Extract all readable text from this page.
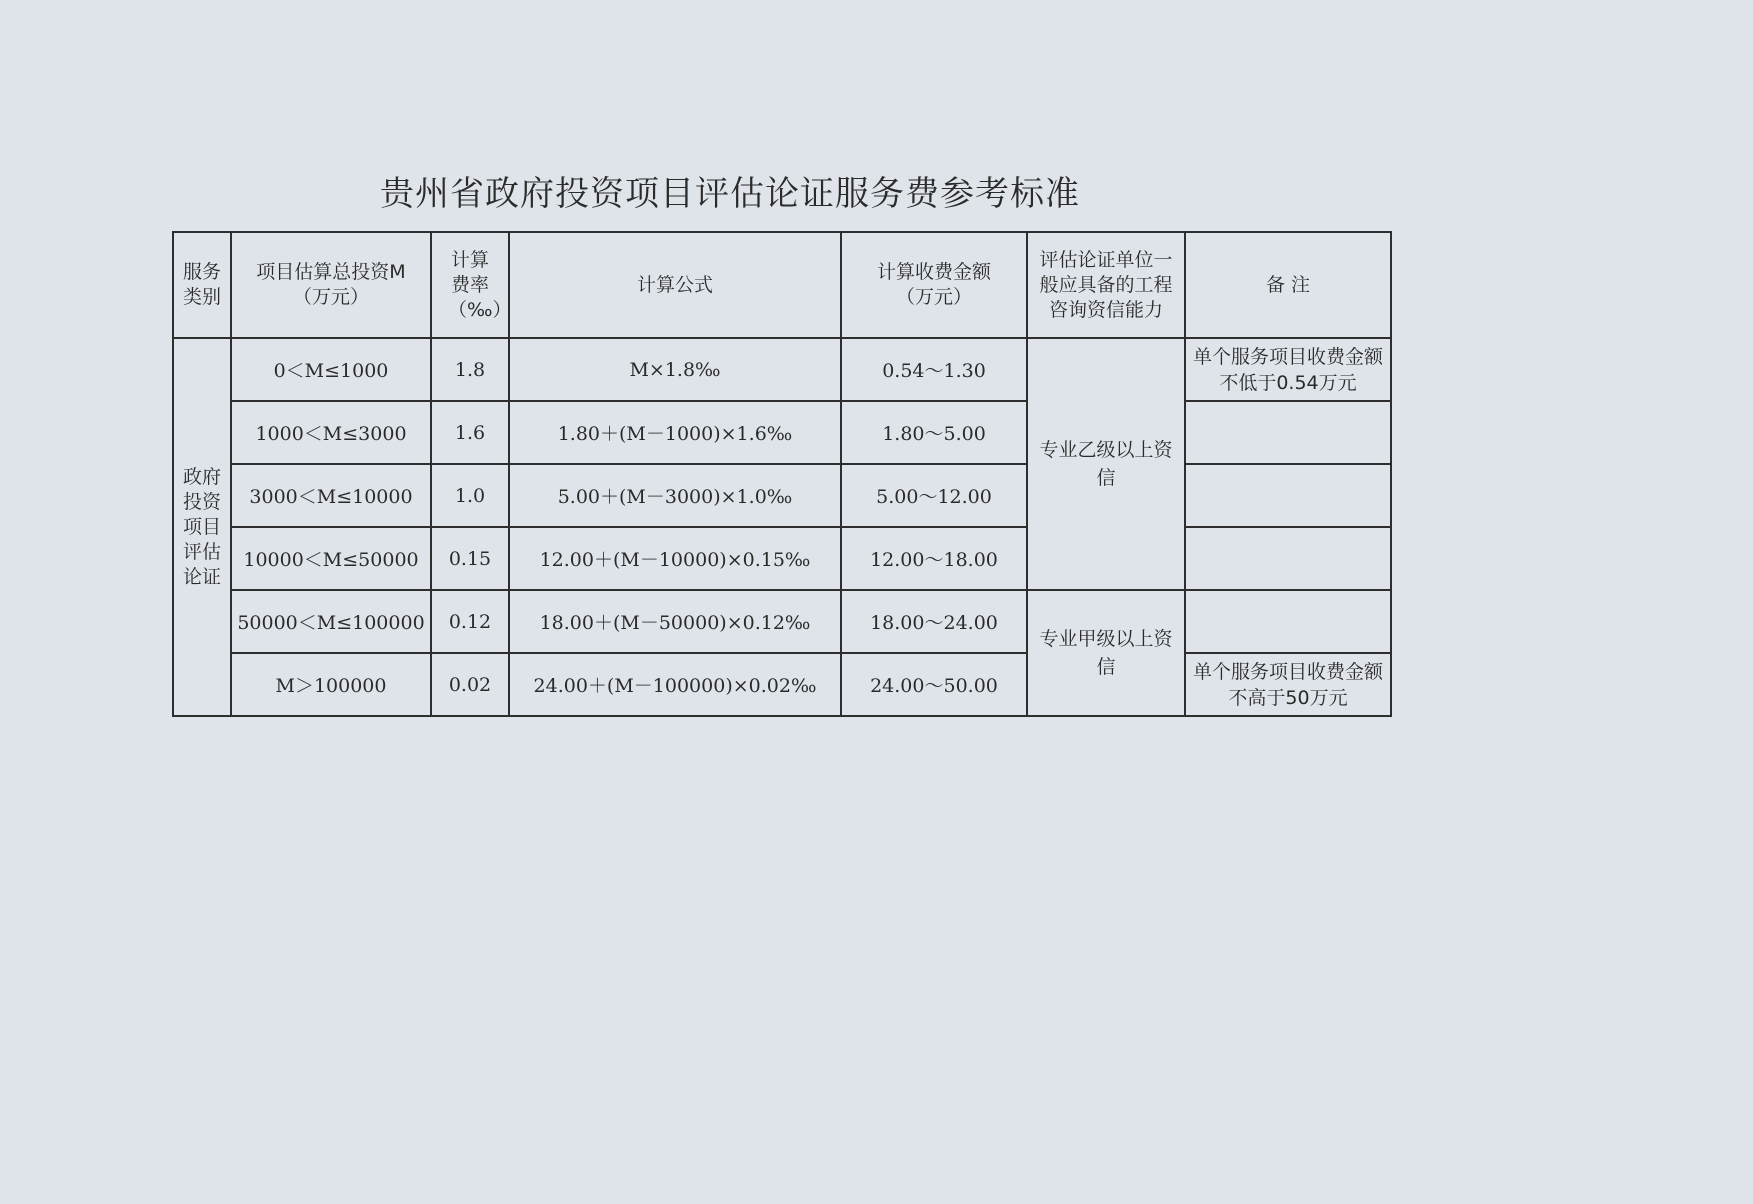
贵州省政府投资项目评估论证服务费参考标准
服务类别	项目估算总投资M（万元）	计算费率（‰）	计算公式	计算收费金额（万元）	评估论证单位一般应具备的工程咨询资信能力	备 注
政府投资项目评估论证	0＜M≤1000	1.8	M×1.8‰	0.54～1.30	专业乙级以上资信	单个服务项目收费金额不低于0.54万元
	1000＜M≤3000	1.6	1.80＋(M－1000)×1.6‰	1.80～5.00		
	3000＜M≤10000	1.0	5.00＋(M－3000)×1.0‰	5.00～12.00		
	10000＜M≤50000	0.15	12.00＋(M－10000)×0.15‰	12.00～18.00		
	50000＜M≤100000	0.12	18.00＋(M－50000)×0.12‰	18.00～24.00	专业甲级以上资信	
	M＞100000	0.02	24.00＋(M－100000)×0.02‰	24.00～50.00		单个服务项目收费金额不高于50万元
